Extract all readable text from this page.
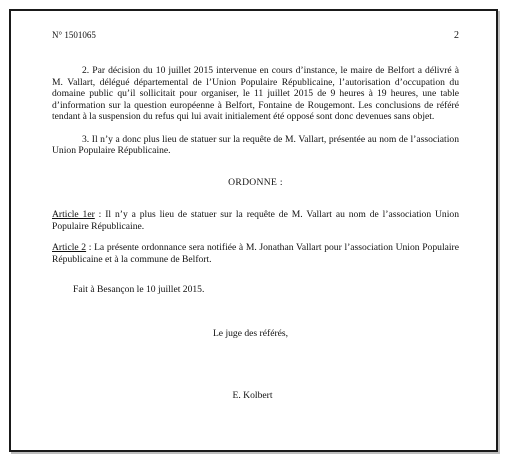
N° 1501065	2

2. Par décision du 10 juillet 2015 intervenue en cours d’instance, le maire de Belfort a délivré à M. Vallart, délégué départemental de l’Union Populaire Républicaine, l’autorisation d’occupation du domaine public qu’il sollicitait pour organiser, le 11 juillet 2015 de 9 heures à 19 heures, une table d’information sur la question européenne à Belfort, Fontaine de Rougemont. Les conclusions de référé tendant à la suspension du refus qui lui avait initialement été opposé sont donc devenues sans objet.

3. Il n’y a donc plus lieu de statuer sur la requête de M. Vallart, présentée au nom de l’association Union Populaire Républicaine.

ORDONNE :

Article 1er : Il n’y a plus lieu de statuer sur la requête de M. Vallart au nom de l’association Union Populaire Républicaine.

Article 2 : La présente ordonnance sera notifiée à M. Jonathan Vallart pour l’association Union Populaire Républicaine et à la commune de Belfort.

Fait à Besançon le 10 juillet 2015.

Le juge des référés,

E. Kolbert
